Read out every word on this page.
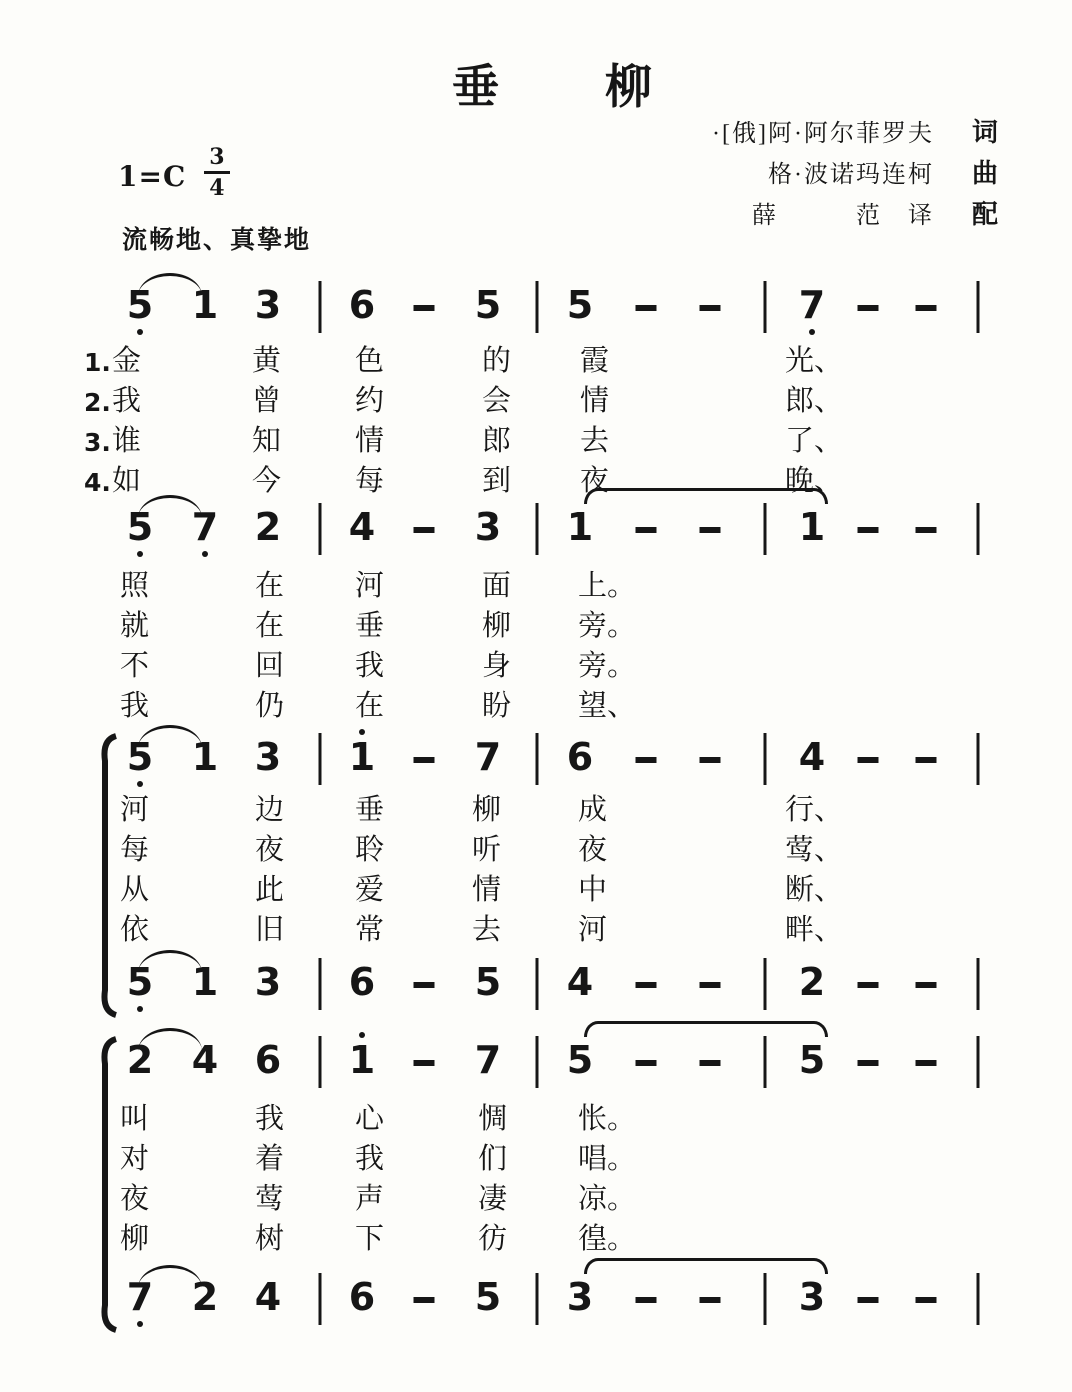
垂　　柳
·[俄]阿·阿尔菲罗夫	词
格·波诺玛连柯	曲
薛　　　范　译	配
$1=C \frac{3}{4}$
流畅地、真挚地
5 1 3 6	5 5	7
1. 金	黄	色	的 霞	光、
2. 我	曾	约	会 情	郎、
3. 谁	知	情	郎 去	了、
4. 如	今	每	到 夜	晚、
5 7 2 4	3 1	1
照	在 河	面 上。
就	在 垂	柳 旁。
不	回 我	身 旁。
我	仍 在	盼 望、
5 1 3 1	7 6	4
河	边 垂	柳	成	行、
每	夜 聆	听	夜	莺、
从	此 爱	情	中	断、
依	旧 常	去	河	畔、
5 1 3 6	5 4	2
2 4 6 1	7 5	5
叫	我 心	惆 怅。
对	着 我	们 唱。
夜	莺 声	凄 凉。
柳	树 下	彷 徨。
7 2 4 6	5 3	3
